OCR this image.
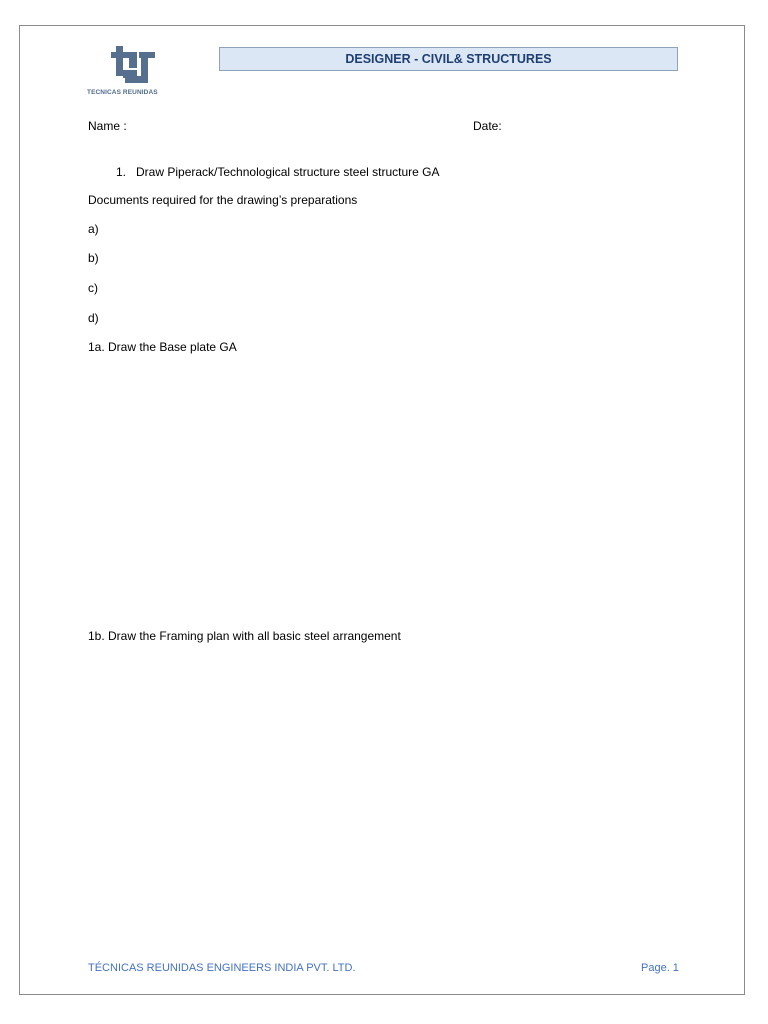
TECNICAS REUNIDAS
DESIGNER - CIVIL& STRUCTURES
Name :	Date:
1.   Draw Piperack/Technological structure steel structure GA
Documents required for the drawing’s preparations
a)
b)
c)
d)
1a. Draw the Base plate GA
1b. Draw the Framing plan with all basic steel arrangement
TÉCNICAS REUNIDAS ENGINEERS INDIA PVT. LTD.	Page. 1
